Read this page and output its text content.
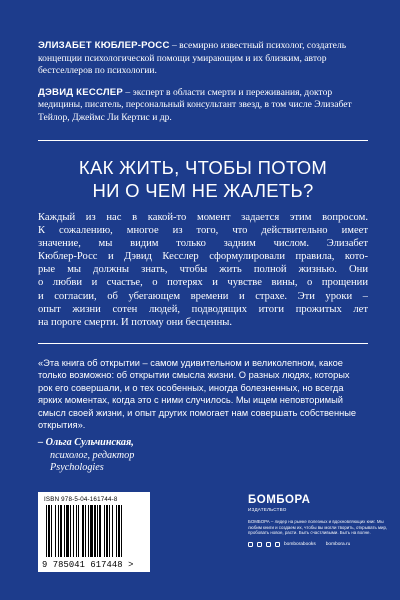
ЭЛИЗАБЕТ КЮБЛЕР-РОСС – всемирно известный психолог, создатель концепции психологической помощи умирающим и их близким, автор бестселлеров по психологии.

ДЭВИД КЕССЛЕР – эксперт в области смерти и переживания, доктор медицины, писатель, персональный консультант звезд, в том числе Элизабет Тейлор, Джеймс Ли Кертис и др.

КАК ЖИТЬ, ЧТОБЫ ПОТОМ
НИ О ЧЕМ НЕ ЖАЛЕТЬ?
Каждый из нас в какой-то момент задается этим вопросом.
К сожалению, многое из того, что действительно имеет
значение, мы видим только задним числом. Элизабет
Кюблер-Росс и Дэвид Кесслер сформулировали правила, кото-
рые мы должны знать, чтобы жить полной жизнью. Они
о любви и счастье, о потерях и чувстве вины, о прощении
и согласии, об убегающем времени и страхе. Эти уроки –
опыт жизни сотен людей, подводящих итоги прожитых лет
на пороге смерти. И потому они бесценны.
«Эта книга об открытии – самом удивительном и великолепном, какое
только возможно: об открытии смысла жизни. О разных людях, которых
рок его совершали, и о тех особенных, иногда болезненных, но всегда
ярких моментах, когда это с ними случилось. Мы ищем неповторимый
смысл своей жизни, и опыт других помогает нам совершать собственные
открытия».
– Ольга Сульчинская,
психолог, редактор
Psychologies
ISBN 978-5-04-161744-8
9 785041 617448 >
БОМБОРА
ИЗДАТЕЛЬСТВО
БОМБОРА – лидер на рынке полезных и вдохновляющих книг. Мы любим книги и создаем их, чтобы вы могли творить, открывать мир, пробовать новое, расти. Быть счастливыми. Быть на волне.
bomborabooks bombora.ru
